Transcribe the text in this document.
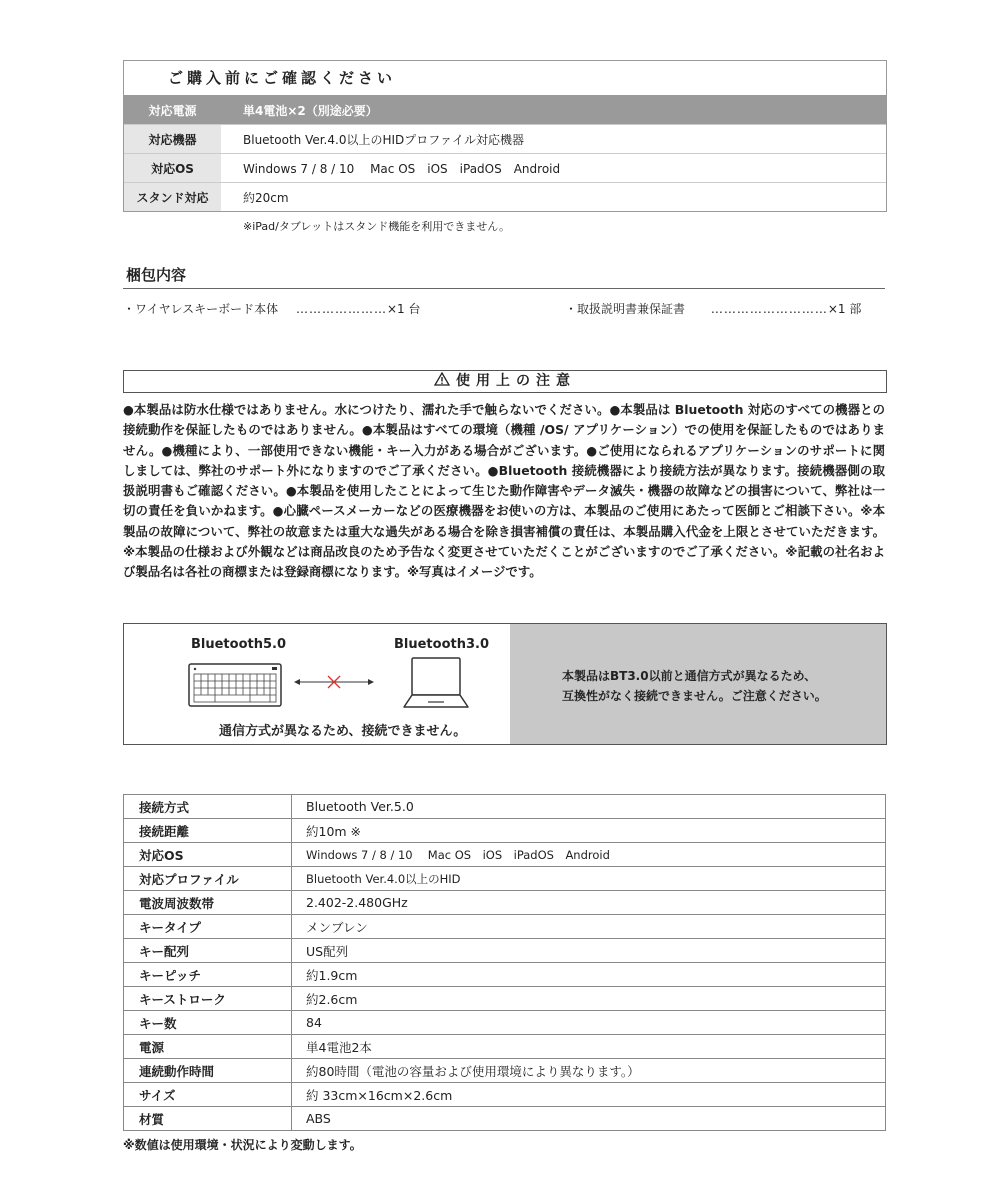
ご購入前にご確認ください
対応電源	単4電池×2（別途必要）
対応機器	Bluetooth Ver.4.0以上のHIDプロファイル対応機器
対応OS	Windows 7 / 8 / 10　 Mac OS　iOS　iPadOS　Android
スタンド対応	約20cm
※iPad/タブレットはスタンド機能を利用できません。
梱包内容
・ワイヤレスキーボード本体 …………………×1 台	・取扱説明書兼保証書 ………………………×1 部
使用上の注意
●本製品は防水仕様ではありません。水につけたり、濡れた手で触らないでください。●本製品は Bluetooth 対応のすべての機器との接続動作を保証したものではありません。●本製品はすべての環境（機種 /OS/ アプリケーション）での使用を保証したものではありません。●機種により、一部使用できない機能・キー入力がある場合がございます。●ご使用になられるアプリケーションのサポートに関しましては、弊社のサポート外になりますのでご了承ください。●Bluetooth 接続機器により接続方法が異なります。接続機器側の取扱説明書もご確認ください。●本製品を使用したことによって生じた動作障害やデータ滅失・機器の故障などの損害について、弊社は一切の責任を負いかねます。●心臓ペースメーカーなどの医療機器をお使いの方は、本製品のご使用にあたって医師とご相談下さい。※本製品の故障について、弊社の故意または重大な過失がある場合を除き損害補償の責任は、本製品購入代金を上限とさせていただきます。※本製品の仕様および外観などは商品改良のため予告なく変更させていただくことがございますのでご了承ください。※記載の社名および製品名は各社の商標または登録商標になります。※写真はイメージです。
Bluetooth5.0	Bluetooth3.0
通信方式が異なるため、接続できません。

本製品はBT3.0以前と通信方式が異なるため、
互換性がなく接続できません。ご注意ください。

接続方式	Bluetooth Ver.5.0
接続距離	約10m ※
対応OS	Windows 7 / 8 / 10　 Mac OS　iOS　iPadOS　Android
対応プロファイル	Bluetooth Ver.4.0以上のHID
電波周波数帯	2.402-2.480GHz
キータイプ	メンブレン
キー配列	US配列
キーピッチ	約1.9cm
キーストローク	約2.6cm
キー数	84
電源	単4電池2本
連続動作時間	約80時間（電池の容量および使用環境により異なります。）
サイズ	約 33cm×16cm×2.6cm
材質	ABS
※数値は使用環境・状況により変動します。
